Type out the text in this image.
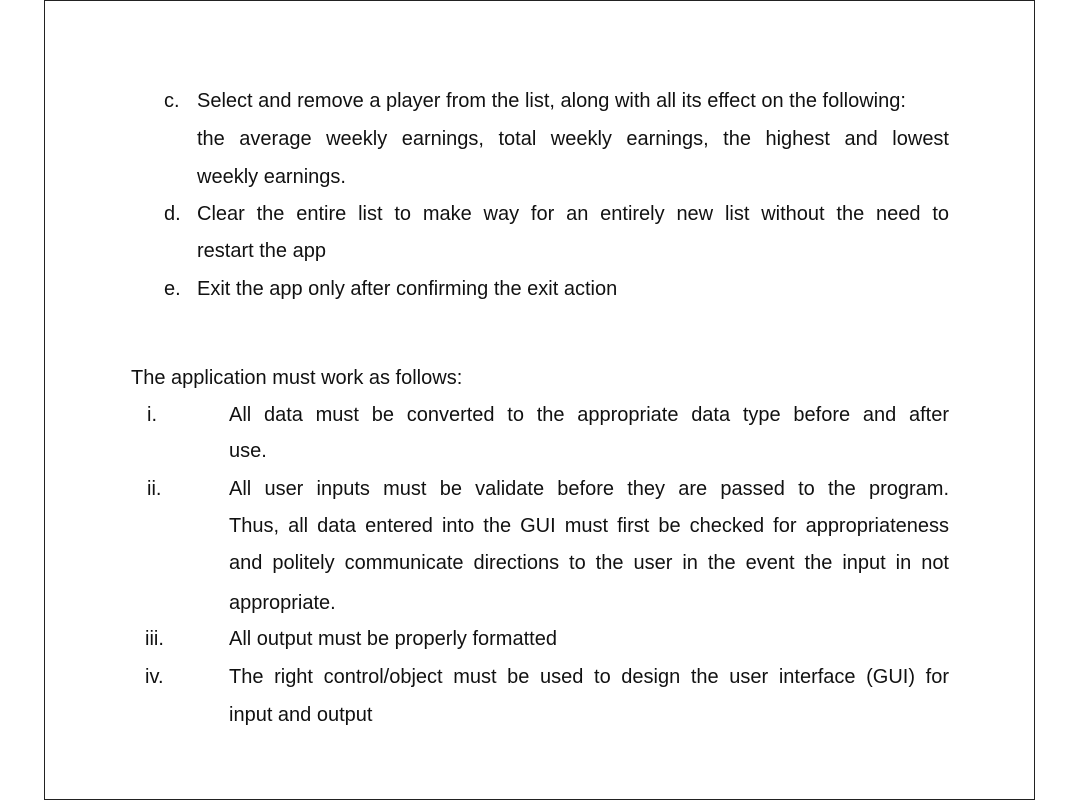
c. Select and remove a player from the list, along with all its effect on the following:
the average weekly earnings, total weekly earnings, the highest and lowest
weekly earnings.
d. Clear the entire list to make way for an entirely new list without the need to
restart the app
e. Exit the app only after confirming the exit action
The application must work as follows:
i.	All data must be converted to the appropriate data type before and after
use.
ii.	All user inputs must be validate before they are passed to the program.
Thus, all data entered into the GUI must first be checked for appropriateness
and politely communicate directions to the user in the event the input in not
appropriate.
iii.	All output must be properly formatted
iv.	The right control/object must be used to design the user interface (GUI) for
input and output
